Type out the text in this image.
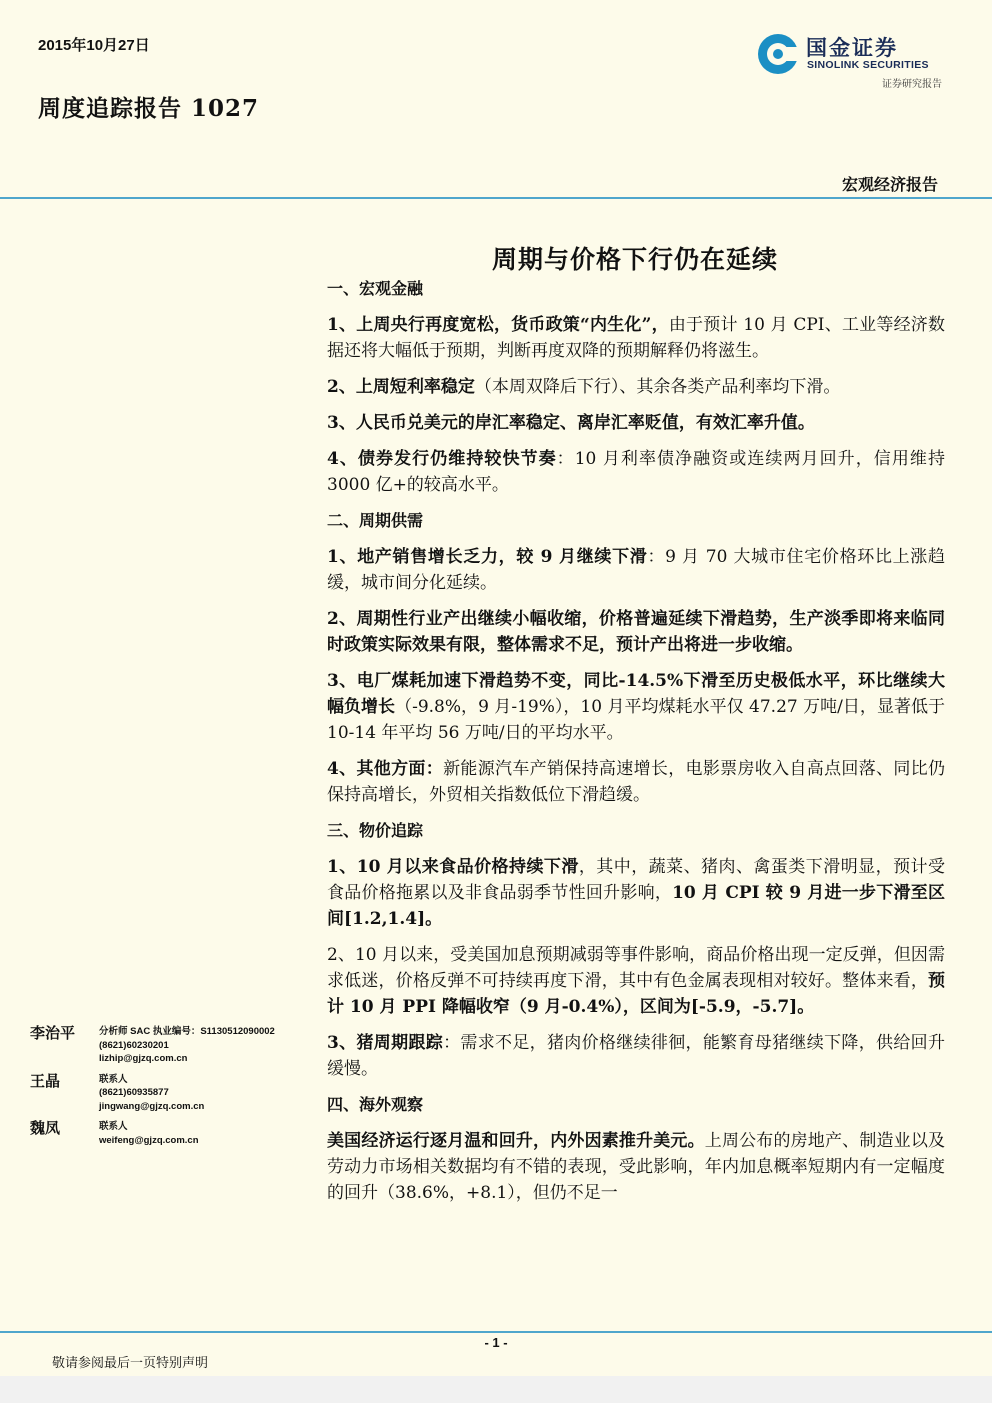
2015年10月27日
周度追踪报告 1027
国金证券
SINOLINK SECURITIES
证券研究报告
宏观经济报告
周期与价格下行仍在延续
一、宏观金融

1、上周央行再度宽松，货币政策“内生化”，由于预计 10 月 CPI、工业等经济数据还将大幅低于预期，判断再度双降的预期解释仍将滋生。

2、上周短利率稳定（本周双降后下行）、其余各类产品利率均下滑。

3、人民币兑美元的岸汇率稳定、离岸汇率贬值，有效汇率升值。

4、债券发行仍维持较快节奏：10 月利率债净融资或连续两月回升，信用维持 3000 亿+的较高水平。

二、周期供需

1、地产销售增长乏力，较 9 月继续下滑：9 月 70 大城市住宅价格环比上涨趋缓，城市间分化延续。

2、周期性行业产出继续小幅收缩，价格普遍延续下滑趋势，生产淡季即将来临同时政策实际效果有限，整体需求不足，预计产出将进一步收缩。

3、电厂煤耗加速下滑趋势不变，同比-14.5%下滑至历史极低水平，环比继续大幅负增长（-9.8%，9 月-19%），10 月平均煤耗水平仅 47.27 万吨/日，显著低于 10-14 年平均 56 万吨/日的平均水平。

4、其他方面：新能源汽车产销保持高速增长，电影票房收入自高点回落、同比仍保持高增长，外贸相关指数低位下滑趋缓。

三、物价追踪

1、10 月以来食品价格持续下滑，其中，蔬菜、猪肉、禽蛋类下滑明显，预计受食品价格拖累以及非食品弱季节性回升影响，10 月 CPI 较 9 月进一步下滑至区间[1.2,1.4]。

2、10 月以来，受美国加息预期减弱等事件影响，商品价格出现一定反弹，但因需求低迷，价格反弹不可持续再度下滑，其中有色金属表现相对较好。整体来看，预计 10 月 PPI 降幅收窄（9 月-0.4%），区间为[-5.9，-5.7]。

3、猪周期跟踪：需求不足，猪肉价格继续徘徊，能繁育母猪继续下降，供给回升缓慢。

四、海外观察

美国经济运行逐月温和回升，内外因素推升美元。上周公布的房地产、制造业以及劳动力市场相关数据均有不错的表现，受此影响，年内加息概率短期内有一定幅度的回升（38.6%，+8.1），但仍不足一

李治平	分析师 SAC 执业编号：S1130512090002
(8621)60230201
lizhip@gjzq.com.cn
王晶	联系人
(8621)60935877
jingwang@gjzq.com.cn
魏凤	联系人
weifeng@gjzq.com.cn
- 1 -
敬请参阅最后一页特别声明
